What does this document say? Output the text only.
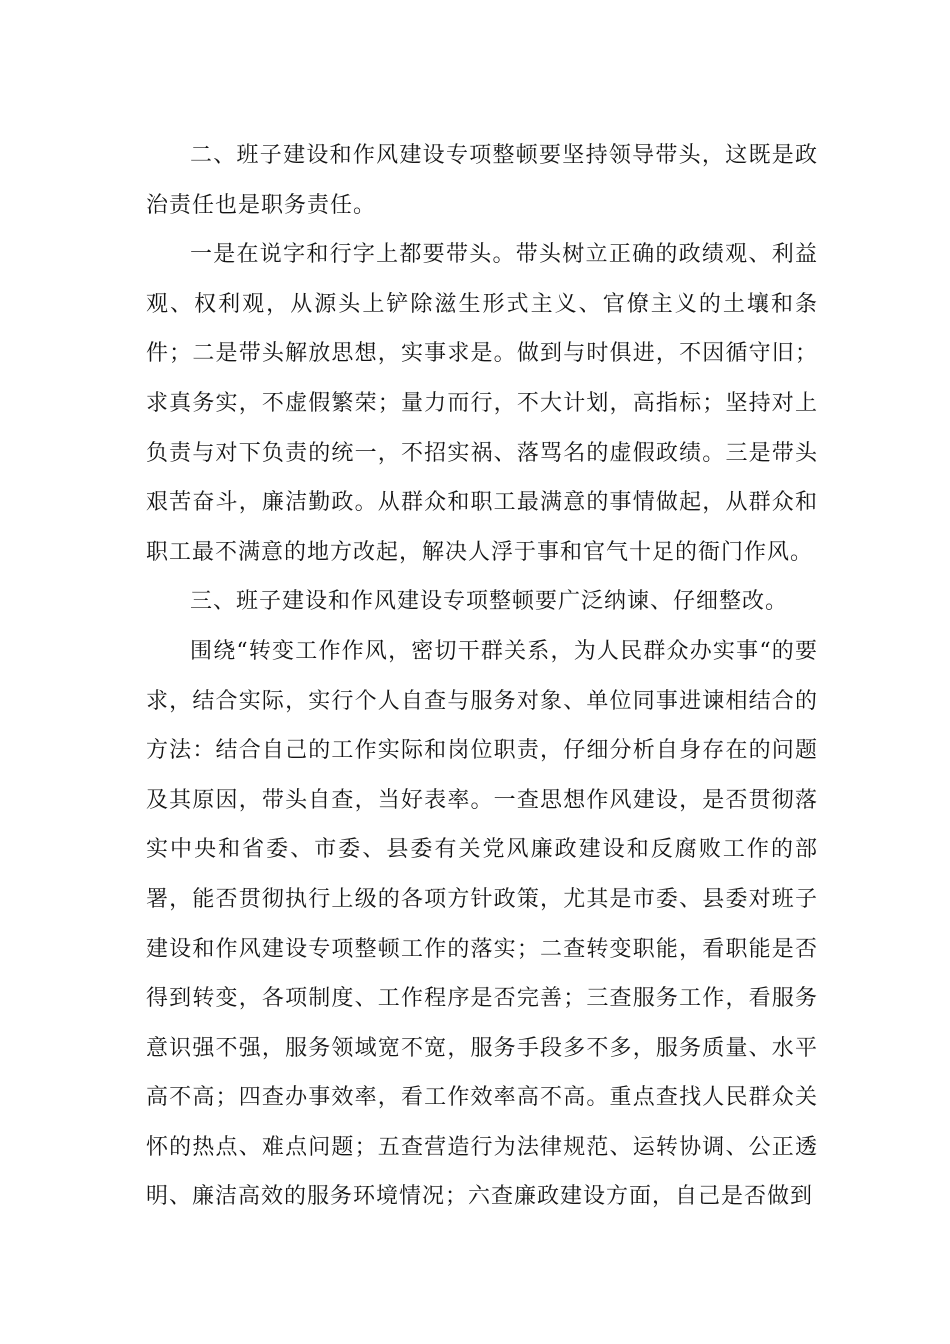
二、班子建设和作风建设专项整顿要坚持领导带头，这既是政治责任也是职务责任。

一是在说字和行字上都要带头。带头树立正确的政绩观、利益观、权利观，从源头上铲除滋生形式主义、官僚主义的土壤和条件；二是带头解放思想，实事求是。做到与时俱进，不因循守旧；求真务实，不虚假繁荣；量力而行，不大计划，高指标；坚持对上负责与对下负责的统一，不招实祸、落骂名的虚假政绩。三是带头艰苦奋斗，廉洁勤政。从群众和职工最满意的事情做起，从群众和职工最不满意的地方改起，解决人浮于事和官气十足的衙门作风。

三、班子建设和作风建设专项整顿要广泛纳谏、仔细整改。

围绕“转变工作作风，密切干群关系，为人民群众办实事“的要求，结合实际，实行个人自查与服务对象、单位同事进谏相结合的方法：结合自己的工作实际和岗位职责，仔细分析自身存在的问题及其原因，带头自查，当好表率。一查思想作风建设，是否贯彻落实中央和省委、市委、县委有关党风廉政建设和反腐败工作的部署，能否贯彻执行上级的各项方针政策，尤其是市委、县委对班子建设和作风建设专项整顿工作的落实；二查转变职能，看职能是否得到转变，各项制度、工作程序是否完善；三查服务工作，看服务意识强不强，服务领域宽不宽，服务手段多不多，服务质量、水平高不高；四查办事效率，看工作效率高不高。重点查找人民群众关怀的热点、难点问题；五查营造行为法律规范、运转协调、公正透明、廉洁高效的服务环境情况；六查廉政建设方面，自己是否做到
